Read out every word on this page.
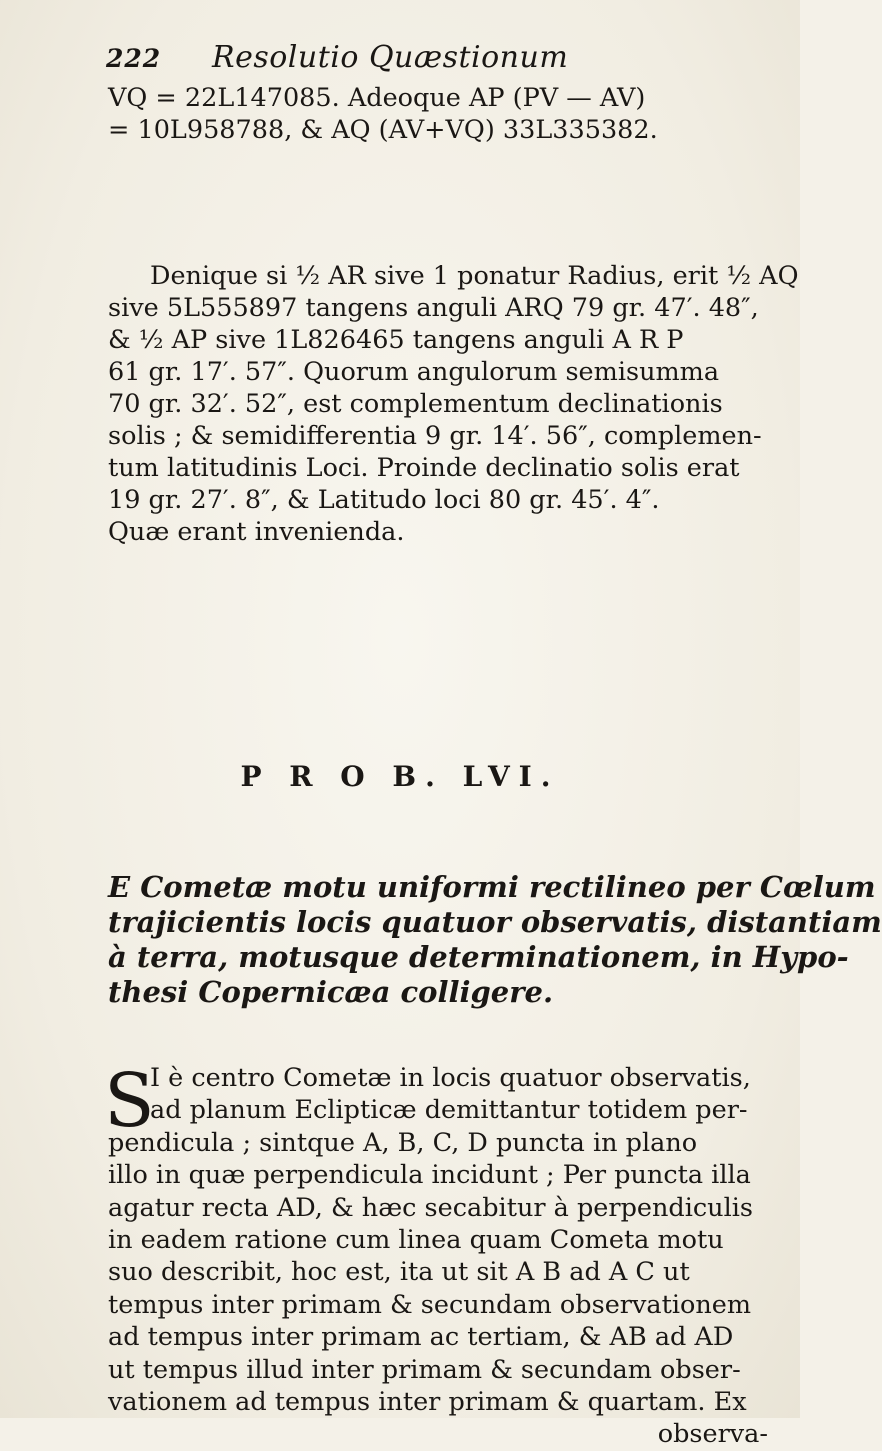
222 Resolutio Quæstionum
VQ = 22L147085. Adeoque AP (PV — AV)
= 10L958788, & AQ (AV+VQ) 33L335382.
Denique si ½ AR sive 1 ponatur Radius, erit ½ AQ
sive 5L555897 tangens anguli ARQ 79 gr. 47′. 48″,
& ½ AP sive 1L826465 tangens anguli A R P
61 gr. 17′. 57″. Quorum angulorum semisumma
70 gr. 32′. 52″, est complementum declinationis
solis ; & semidifferentia 9 gr. 14′. 56″, complemen-
tum latitudinis Loci. Proinde declinatio solis erat
19 gr. 27′. 8″, & Latitudo loci 80 gr. 45′. 4″.
Quæ erant invenienda.
P R O B. LVI.
E Cometæ motu uniformi rectilineo per Cœlum
trajicientis locis quatuor observatis, distantiam
à terra, motusque determinationem, in Hypo-
thesi Copernicæa colligere.
S
I è centro Cometæ in locis quatuor observatis,
ad planum Eclipticæ demittantur totidem per-
pendicula ; sintque A, B, C, D puncta in plano
illo in quæ perpendicula incidunt ; Per puncta illa
agatur recta AD, & hæc secabitur à perpendiculis
in eadem ratione cum linea quam Cometa motu
suo describit, hoc est, ita ut sit A B ad A C ut
tempus inter primam & secundam observationem
ad tempus inter primam ac tertiam, & AB ad AD
ut tempus illud inter primam & secundam obser-
vationem ad tempus inter primam & quartam. Ex
observa-
